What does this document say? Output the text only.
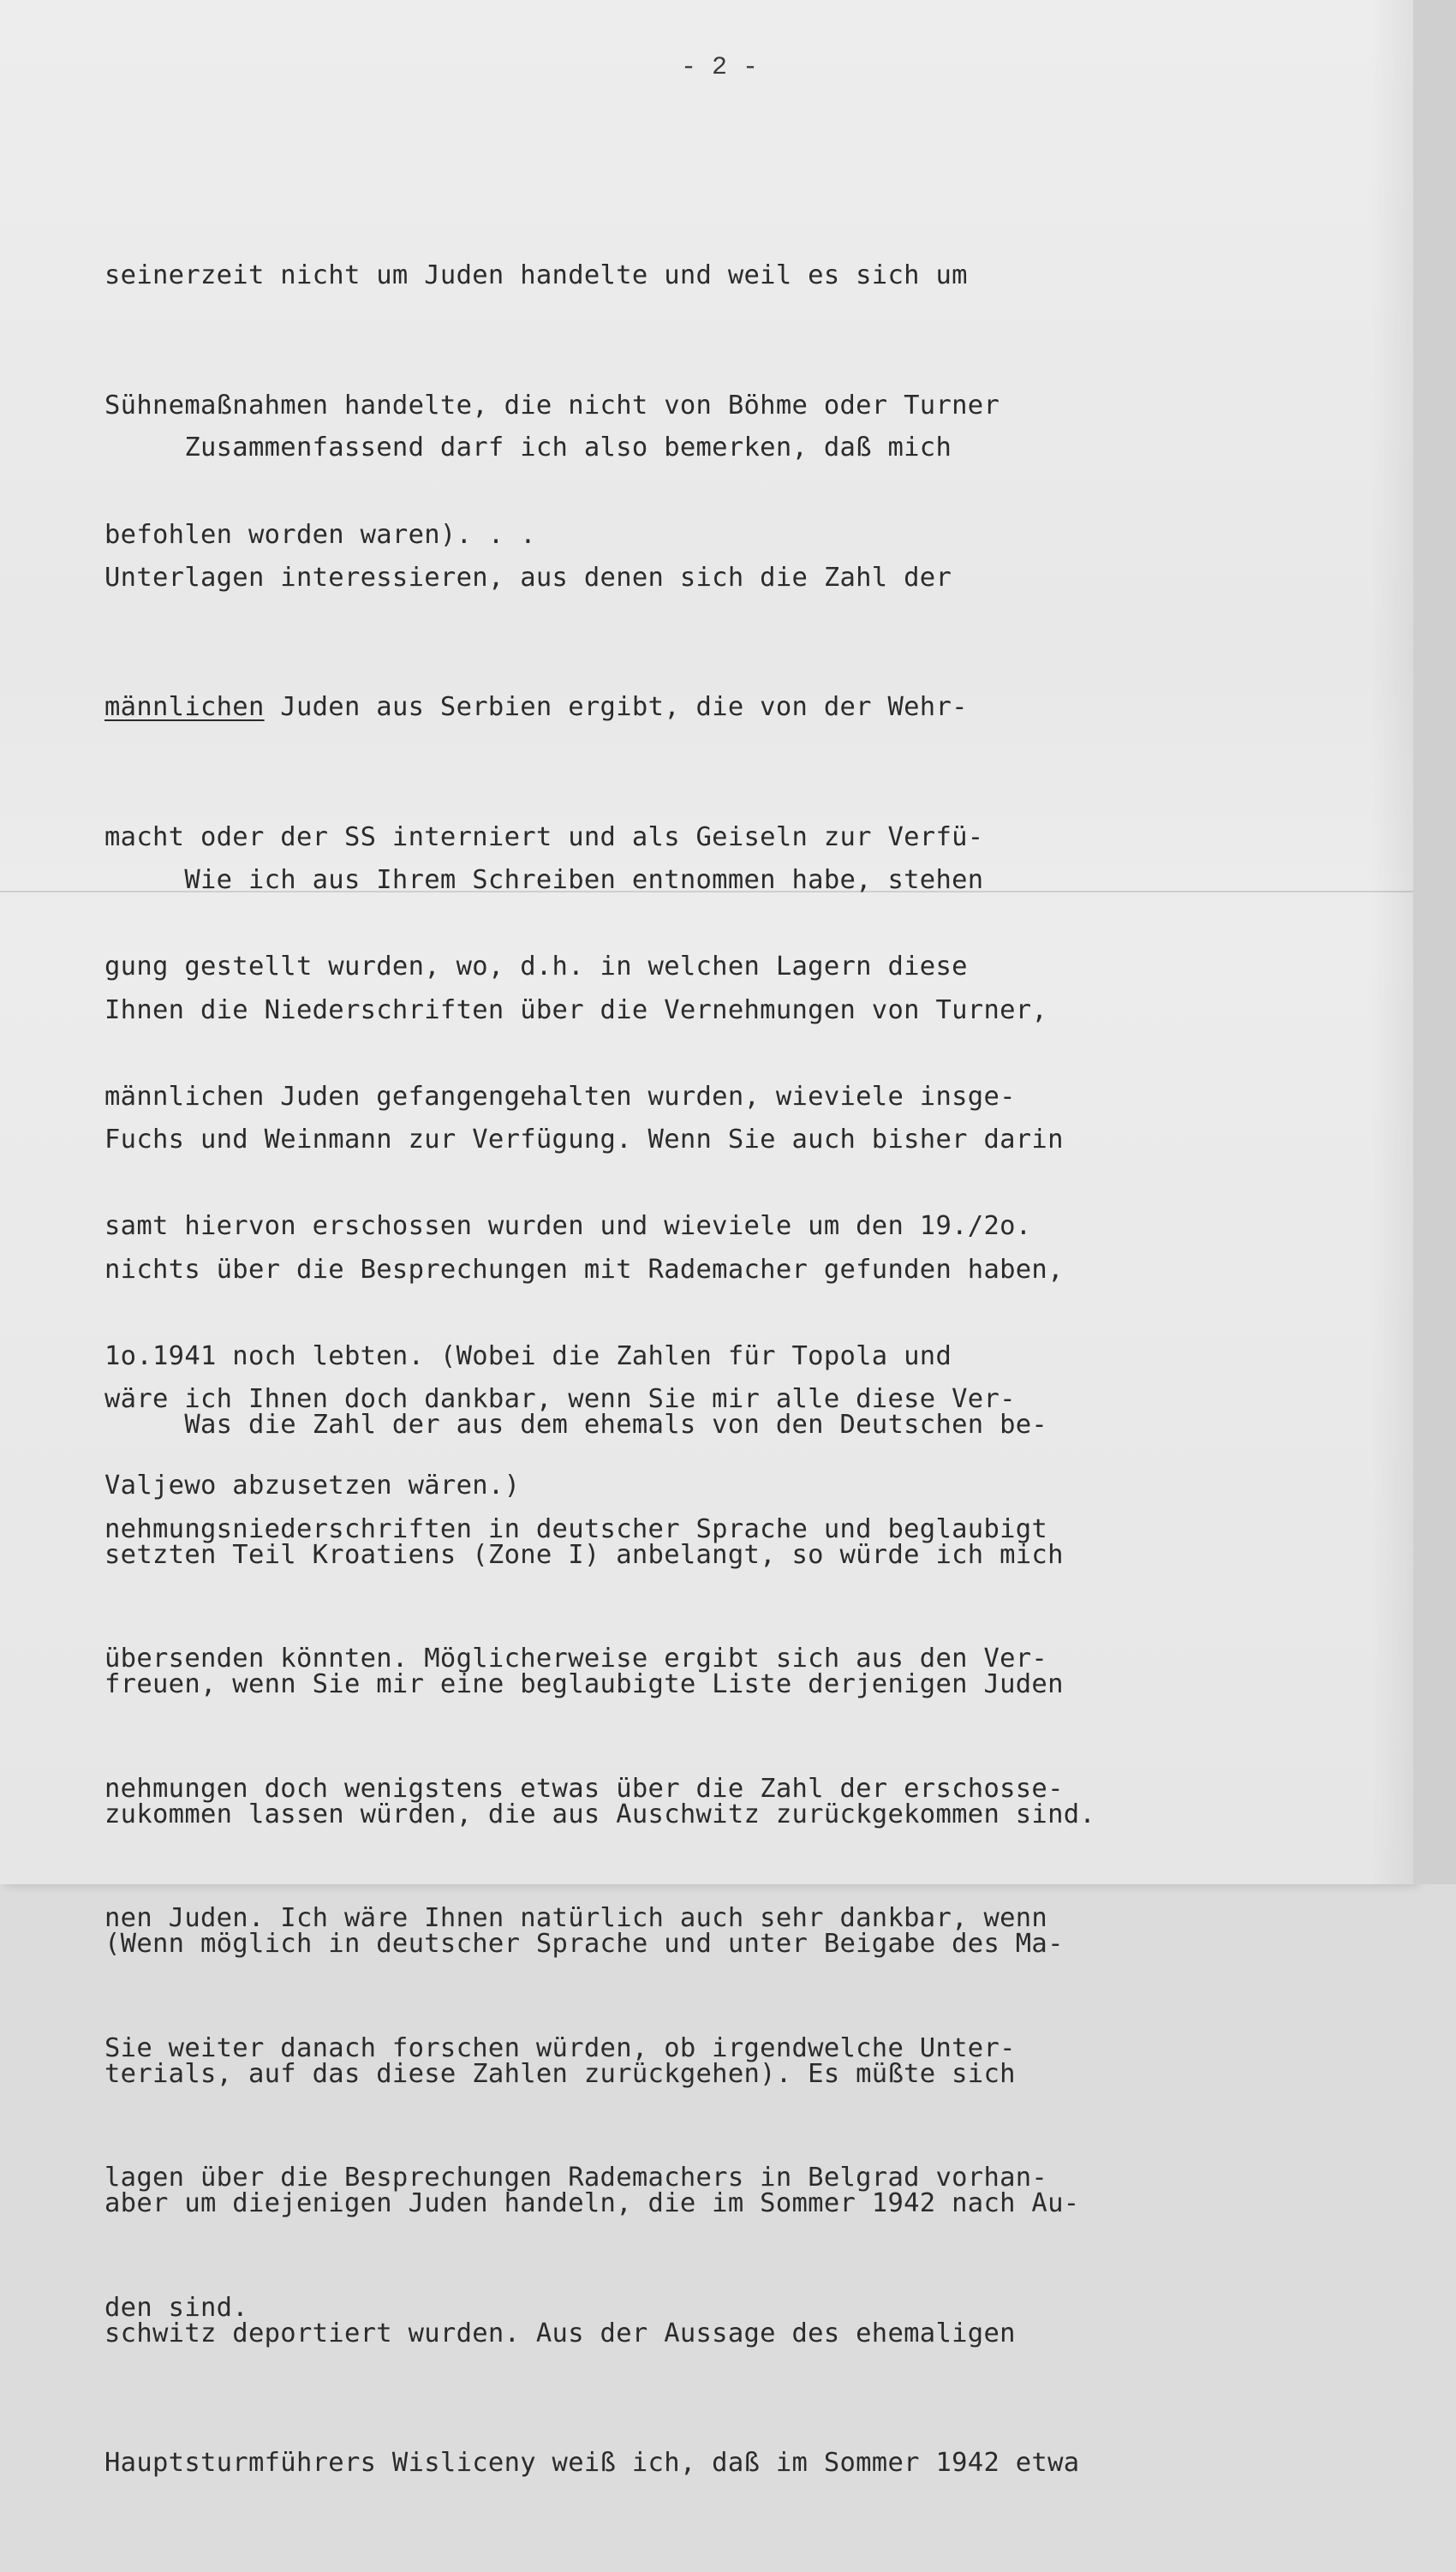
- 2 -

seinerzeit nicht um Juden handelte und weil es sich um

Sühnemaßnahmen handelte, die nicht von Böhme oder Turner

befohlen worden waren). . .

Zusammenfassend darf ich also bemerken, daß mich

Unterlagen interessieren, aus denen sich die Zahl der

männlichen Juden aus Serbien ergibt, die von der Wehr-

macht oder der SS interniert und als Geiseln zur Verfü-

gung gestellt wurden, wo, d.h. in welchen Lagern diese

männlichen Juden gefangengehalten wurden, wieviele insge-

samt hiervon erschossen wurden und wieviele um den 19./2o.

1o.1941 noch lebten. (Wobei die Zahlen für Topola und

Valjewo abzusetzen wären.)

Wie ich aus Ihrem Schreiben entnommen habe, stehen

Ihnen die Niederschriften über die Vernehmungen von Turner,

Fuchs und Weinmann zur Verfügung. Wenn Sie auch bisher darin

nichts über die Besprechungen mit Rademacher gefunden haben,

wäre ich Ihnen doch dankbar, wenn Sie mir alle diese Ver-

nehmungsniederschriften in deutscher Sprache und beglaubigt

übersenden könnten. Möglicherweise ergibt sich aus den Ver-

nehmungen doch wenigstens etwas über die Zahl der erschosse-

nen Juden. Ich wäre Ihnen natürlich auch sehr dankbar, wenn

Sie weiter danach forschen würden, ob irgendwelche Unter-

lagen über die Besprechungen Rademachers in Belgrad vorhan-

den sind.

Was die Zahl der aus dem ehemals von den Deutschen be-

setzten Teil Kroatiens (Zone I) anbelangt, so würde ich mich

freuen, wenn Sie mir eine beglaubigte Liste derjenigen Juden

zukommen lassen würden, die aus Auschwitz zurückgekommen sind.

(Wenn möglich in deutscher Sprache und unter Beigabe des Ma-

terials, auf das diese Zahlen zurückgehen). Es müßte sich

aber um diejenigen Juden handeln, die im Sommer 1942 nach Au-

schwitz deportiert wurden. Aus der Aussage des ehemaligen

Hauptsturmführers Wisliceny weiß ich, daß im Sommer 1942 etwa
